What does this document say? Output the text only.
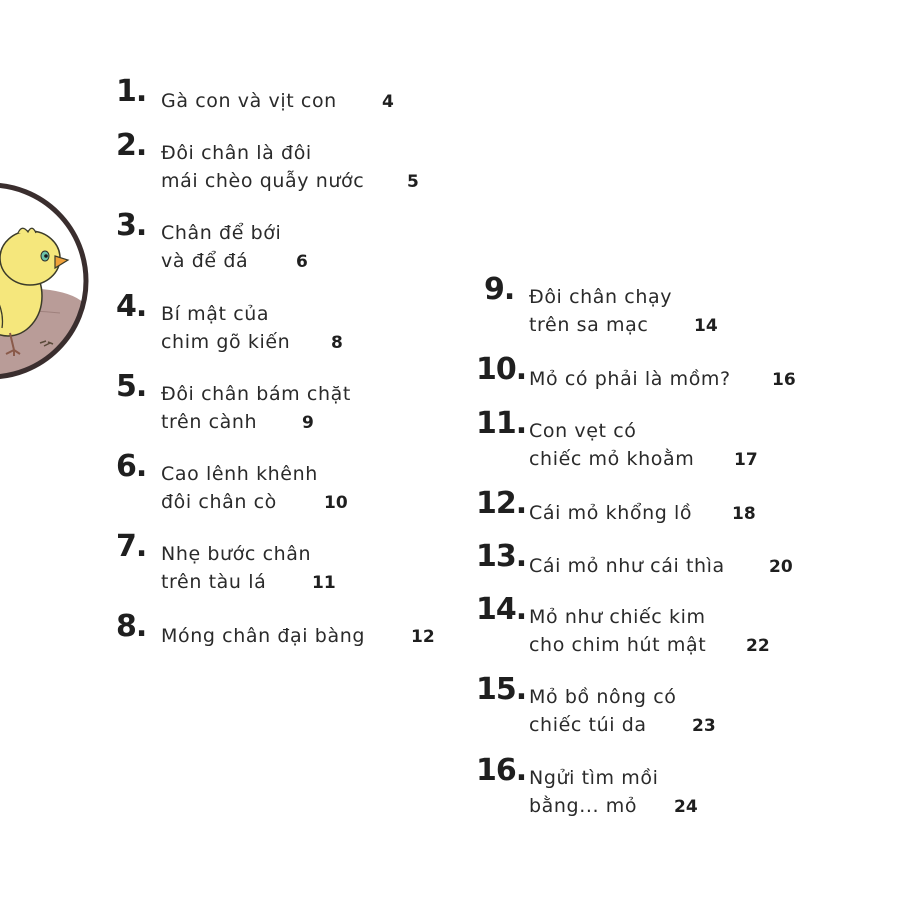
1. Gà con và vịt con	4
2. Đôi chân là đôi
mái chèo quẫy nước	5
3. Chân để bới
và để đá	6
4. Bí mật của
chim gõ kiến 8
5. Đôi chân bám chặt
trên cành	9
6. Cao lênh khênh
đôi chân cò	10
7. Nhẹ bước chân
trên tàu lá	11
8. Móng chân đại bàng	12
9. Đôi chân chạy
trên sa mạc	14
10. Mỏ có phải là mồm? 16
11. Con vẹt có
chiếc mỏ khoằm 17
12. Cái mỏ khổng lồ 18
13. Cái mỏ như cái thìa	20
14. Mỏ như chiếc kim
cho chim hút mật 22
15. Mỏ bồ nông có
chiếc túi da	23
16. Ngửi tìm mồi
bằng... mỏ 24
